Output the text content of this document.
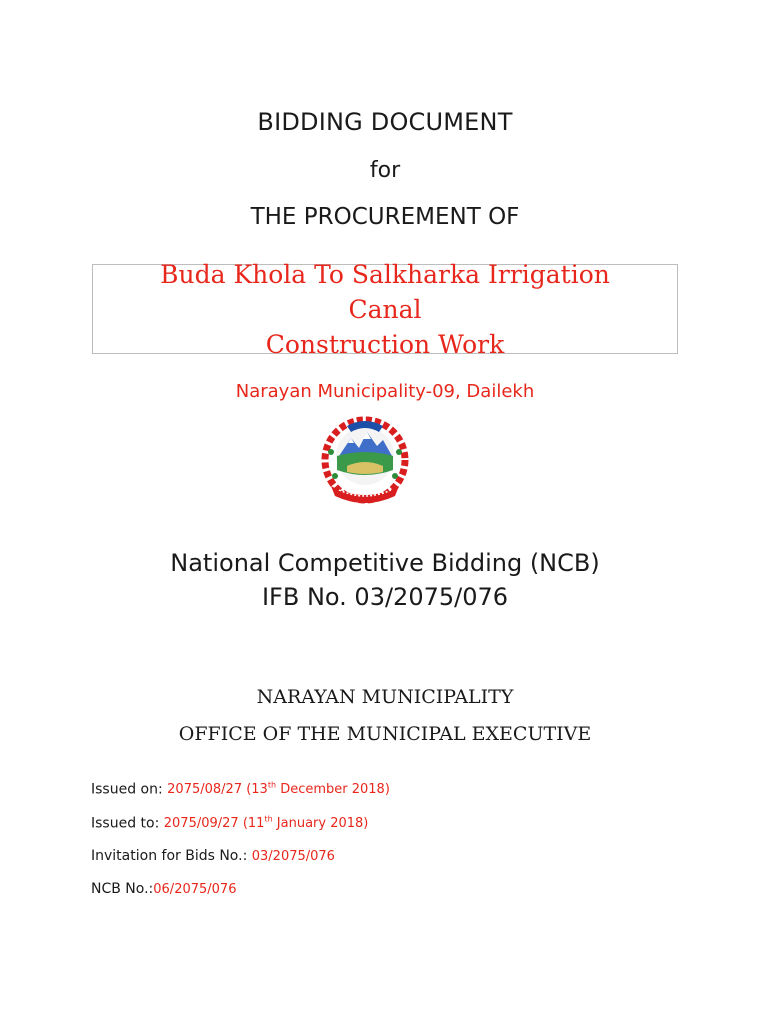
BIDDING DOCUMENT
for
THE PROCUREMENT OF
Buda Khola To Salkharka Irrigation Canal
Construction Work
Narayan Municipality-09, Dailekh
National Competitive Bidding (NCB)
IFB No. 03/2075/076
NARAYAN MUNICIPALITY
OFFICE OF THE MUNICIPAL EXECUTIVE
Issued on: 2075/08/27 (13th December 2018)
Issued to: 2075/09/27 (11th January 2018)
Invitation for Bids No.: 03/2075/076
NCB No.:06/2075/076
